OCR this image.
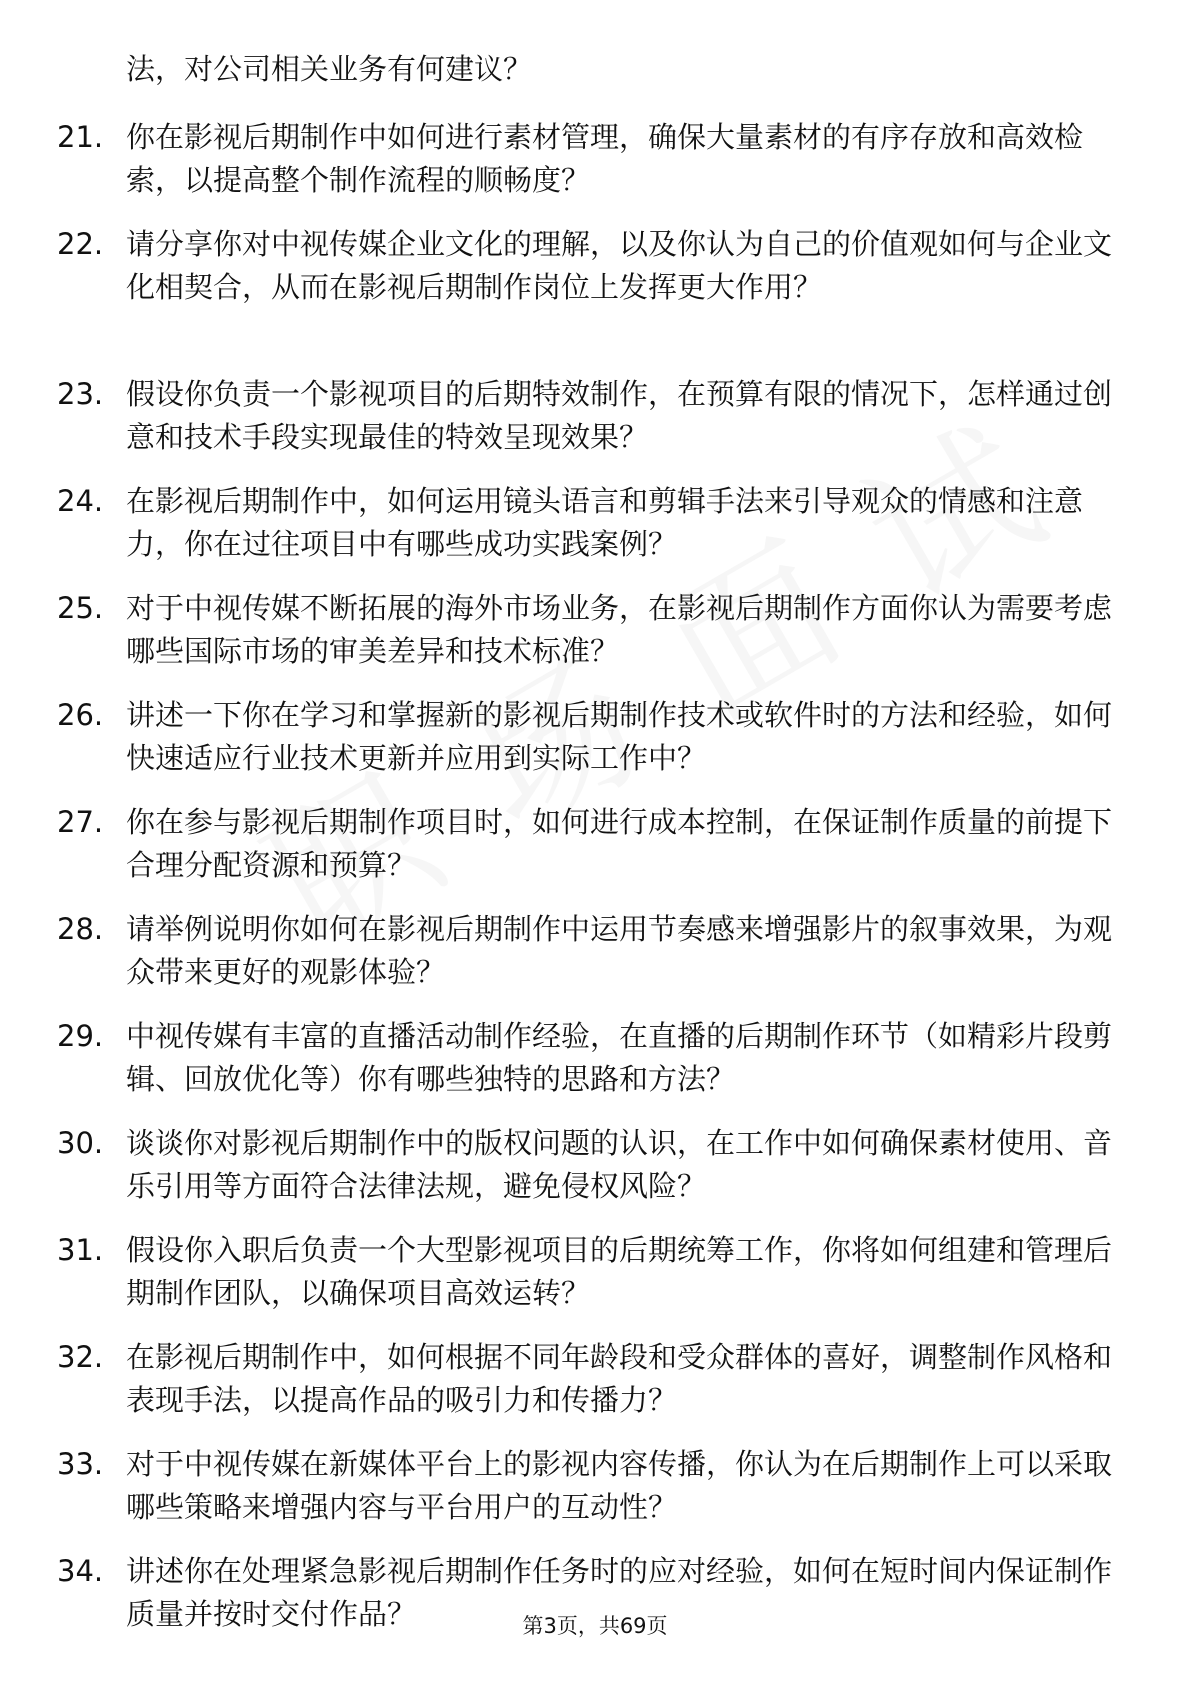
法，对公司相关业务有何建议？

21. 你在影视后期制作中如何进行素材管理，确保大量素材的有序存放和高效检索，以提高整个制作流程的顺畅度？

22. 请分享你对中视传媒企业文化的理解，以及你认为自己的价值观如何与企业文化相契合，从而在影视后期制作岗位上发挥更大作用？

23. 假设你负责一个影视项目的后期特效制作，在预算有限的情况下，怎样通过创意和技术手段实现最佳的特效呈现效果？

24. 在影视后期制作中，如何运用镜头语言和剪辑手法来引导观众的情感和注意力，你在过往项目中有哪些成功实践案例？

25. 对于中视传媒不断拓展的海外市场业务，在影视后期制作方面你认为需要考虑哪些国际市场的审美差异和技术标准？

26. 讲述一下你在学习和掌握新的影视后期制作技术或软件时的方法和经验，如何快速适应行业技术更新并应用到实际工作中？

27. 你在参与影视后期制作项目时，如何进行成本控制，在保证制作质量的前提下合理分配资源和预算？

28. 请举例说明你如何在影视后期制作中运用节奏感来增强影片的叙事效果，为观众带来更好的观影体验？

29. 中视传媒有丰富的直播活动制作经验，在直播的后期制作环节（如精彩片段剪辑、回放优化等）你有哪些独特的思路和方法？

30. 谈谈你对影视后期制作中的版权问题的认识，在工作中如何确保素材使用、音乐引用等方面符合法律法规，避免侵权风险？

31. 假设你入职后负责一个大型影视项目的后期统筹工作，你将如何组建和管理后期制作团队，以确保项目高效运转？

32. 在影视后期制作中，如何根据不同年龄段和受众群体的喜好，调整制作风格和表现手法，以提高作品的吸引力和传播力？

33. 对于中视传媒在新媒体平台上的影视内容传播，你认为在后期制作上可以采取哪些策略来增强内容与平台用户的互动性？

34. 讲述你在处理紧急影视后期制作任务时的应对经验，如何在短时间内保证制作质量并按时交付作品？	第3页，共69页
